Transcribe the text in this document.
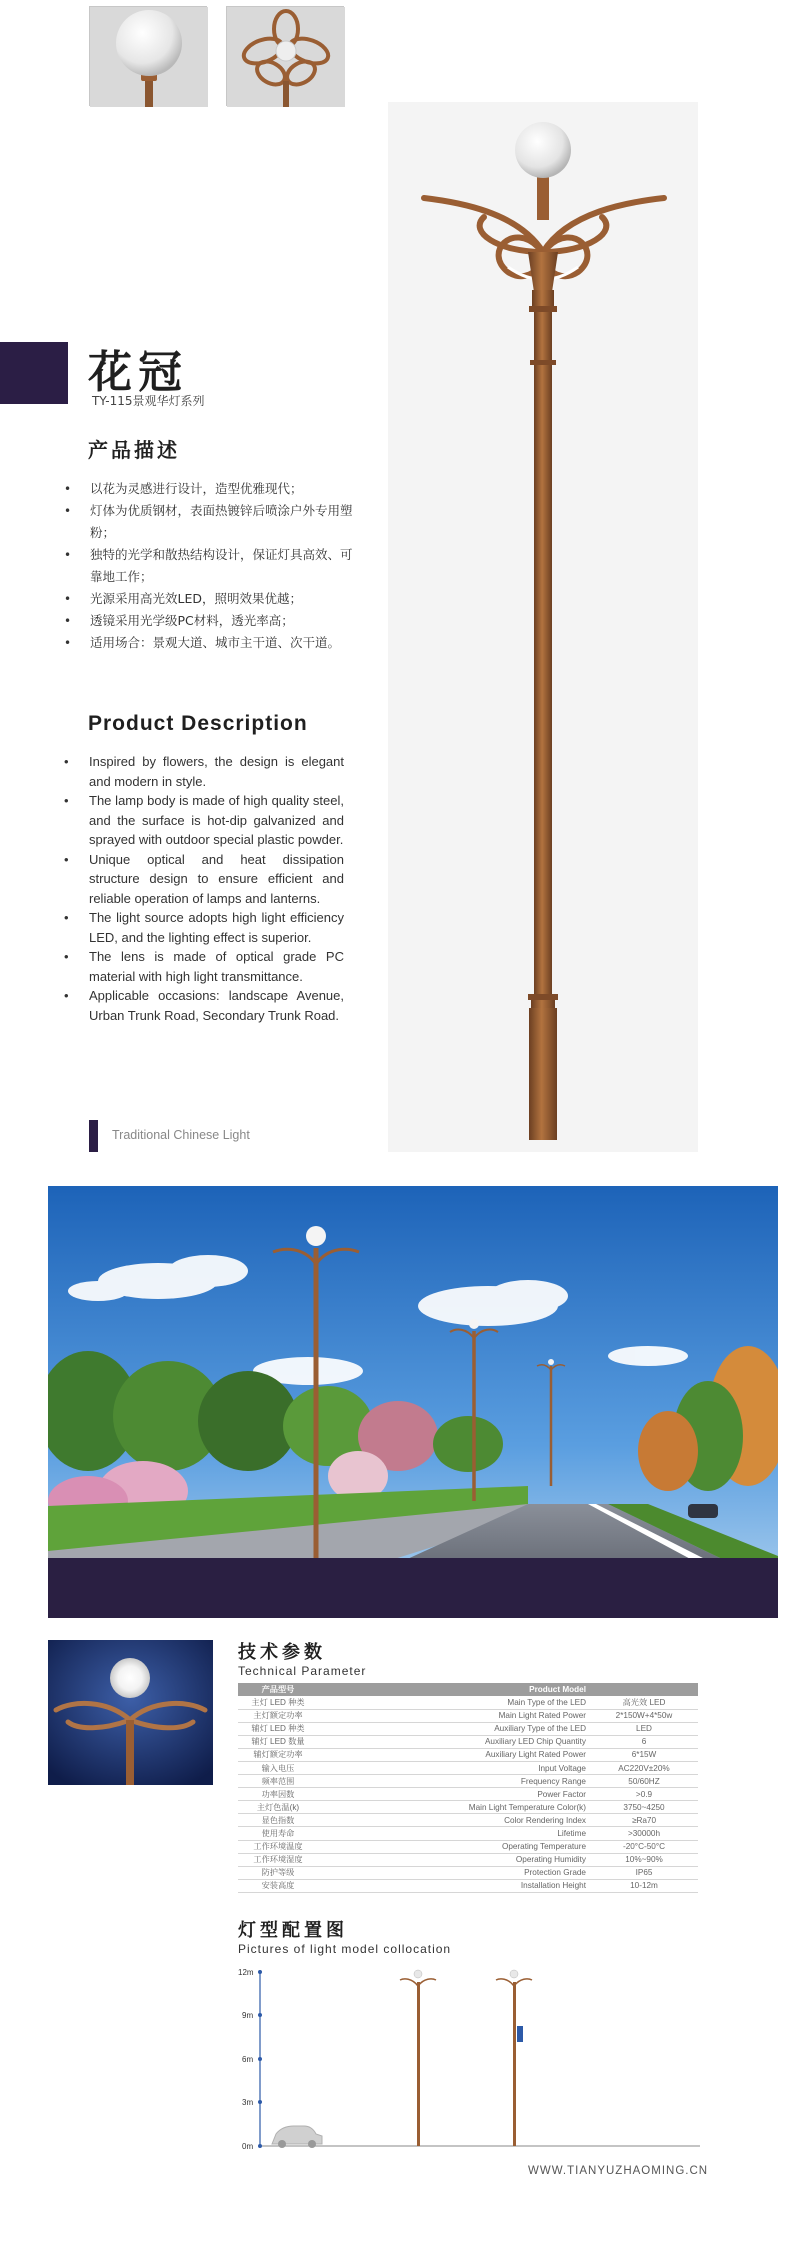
花冠
TY-115景观华灯系列
产品描述
• 以花为灵感进行设计，造型优雅现代；
• 灯体为优质钢材，表面热镀锌后喷涂户外专用塑粉；
• 独特的光学和散热结构设计，保证灯具高效、可靠地工作；
• 光源采用高光效LED，照明效果优越；
• 透镜采用光学级PC材料，透光率高；
• 适用场合：景观大道、城市主干道、次干道。
Product Description
• Inspired by flowers, the design is elegant and modern in style.
• The lamp body is made of high quality steel, and the surface is hot-dip galvanized and sprayed with outdoor special plastic powder.
• Unique optical and heat dissipation structure design to ensure efficient and reliable operation of lamps and lanterns.
• The light source adopts high light efficiency LED, and the lighting effect is superior.
• The lens is made of optical grade PC material with high light transmittance.
• Applicable occasions: landscape Avenue, Urban Trunk Road, Secondary Trunk Road.
Traditional Chinese Light
技术参数
Technical Parameter
产品型号	Product Model	
主灯 LED 种类	Main Type of the LED	高光效 LED
主灯额定功率	Main Light Rated Power	2*150W+4*50w
辅灯 LED 种类	Auxiliary Type of the LED	LED
辅灯 LED 数量	Auxiliary LED Chip Quantity	6
辅灯额定功率	Auxiliary Light Rated Power	6*15W
输入电压	Input Voltage	AC220V±20%
频率范围	Frequency Range	50/60HZ
功率因数	Power Factor	>0.9
主灯色温(k)	Main Light Temperature Color(k)	3750~4250
显色指数	Color Rendering Index	≥Ra70
使用寿命	Lifetime	>30000h
工作环境温度	Operating Temperature	-20°C-50°C
工作环境湿度	Operating Humidity	10%~90%
防护等级	Protection Grade	IP65
安装高度	Installation Height	10-12m
灯型配置图
Pictures of light model collocation
12m
9m
6m
3m
0m
WWW.TIANYUZHAOMING.CN
